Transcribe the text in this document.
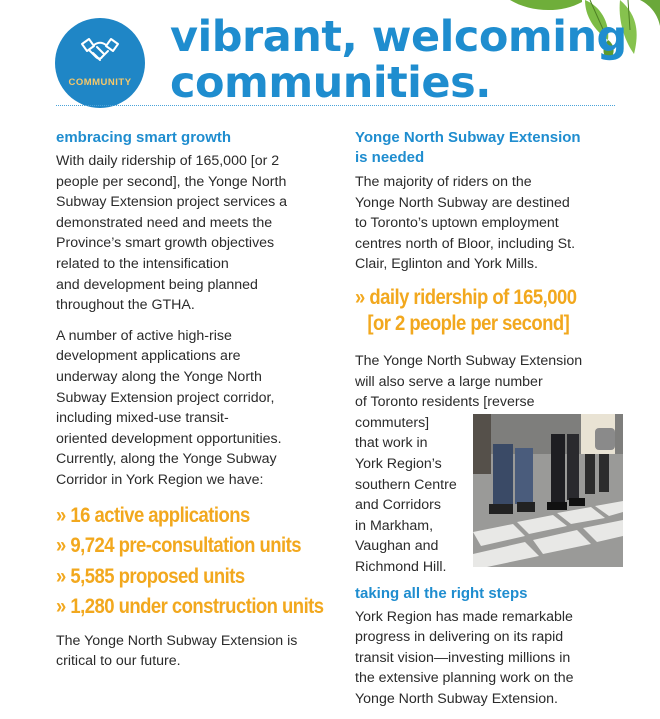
COMMUNITY
vibrant, welcoming
communities.
embracing smart growth

With daily ridership of 165,000 [or 2
people per second], the Yonge North
Subway Extension project services a
demonstrated need and meets the
Province’s smart growth objectives
related to the intensification
and development being planned
throughout the GTHA.

A number of active high-rise
development applications are
underway along the Yonge North
Subway Extension project corridor,
including mixed-use transit-
oriented development opportunities.
Currently, along the Yonge Subway
Corridor in York Region we have:

» 16 active applications
» 9,724 pre-consultation units
» 5,585 proposed units
» 1,280 under construction units

The Yonge North Subway Extension is
critical to our future.

Yonge North Subway Extension
is needed

The majority of riders on the
Yonge North Subway are destined
to Toronto’s uptown employment
centres north of Bloor, including St.
Clair, Eglinton and York Mills.

» daily ridership of 165,000
[or 2 people per second]

The Yonge North Subway Extension
will also serve a large number
of Toronto residents [reverse
commuters]
that work in
York Region’s
southern Centre
and Corridors
in Markham,
Vaughan and
Richmond Hill.

taking all the right steps

York Region has made remarkable
progress in delivering on its rapid
transit vision—investing millions in
the extensive planning work on the
Yonge North Subway Extension.
